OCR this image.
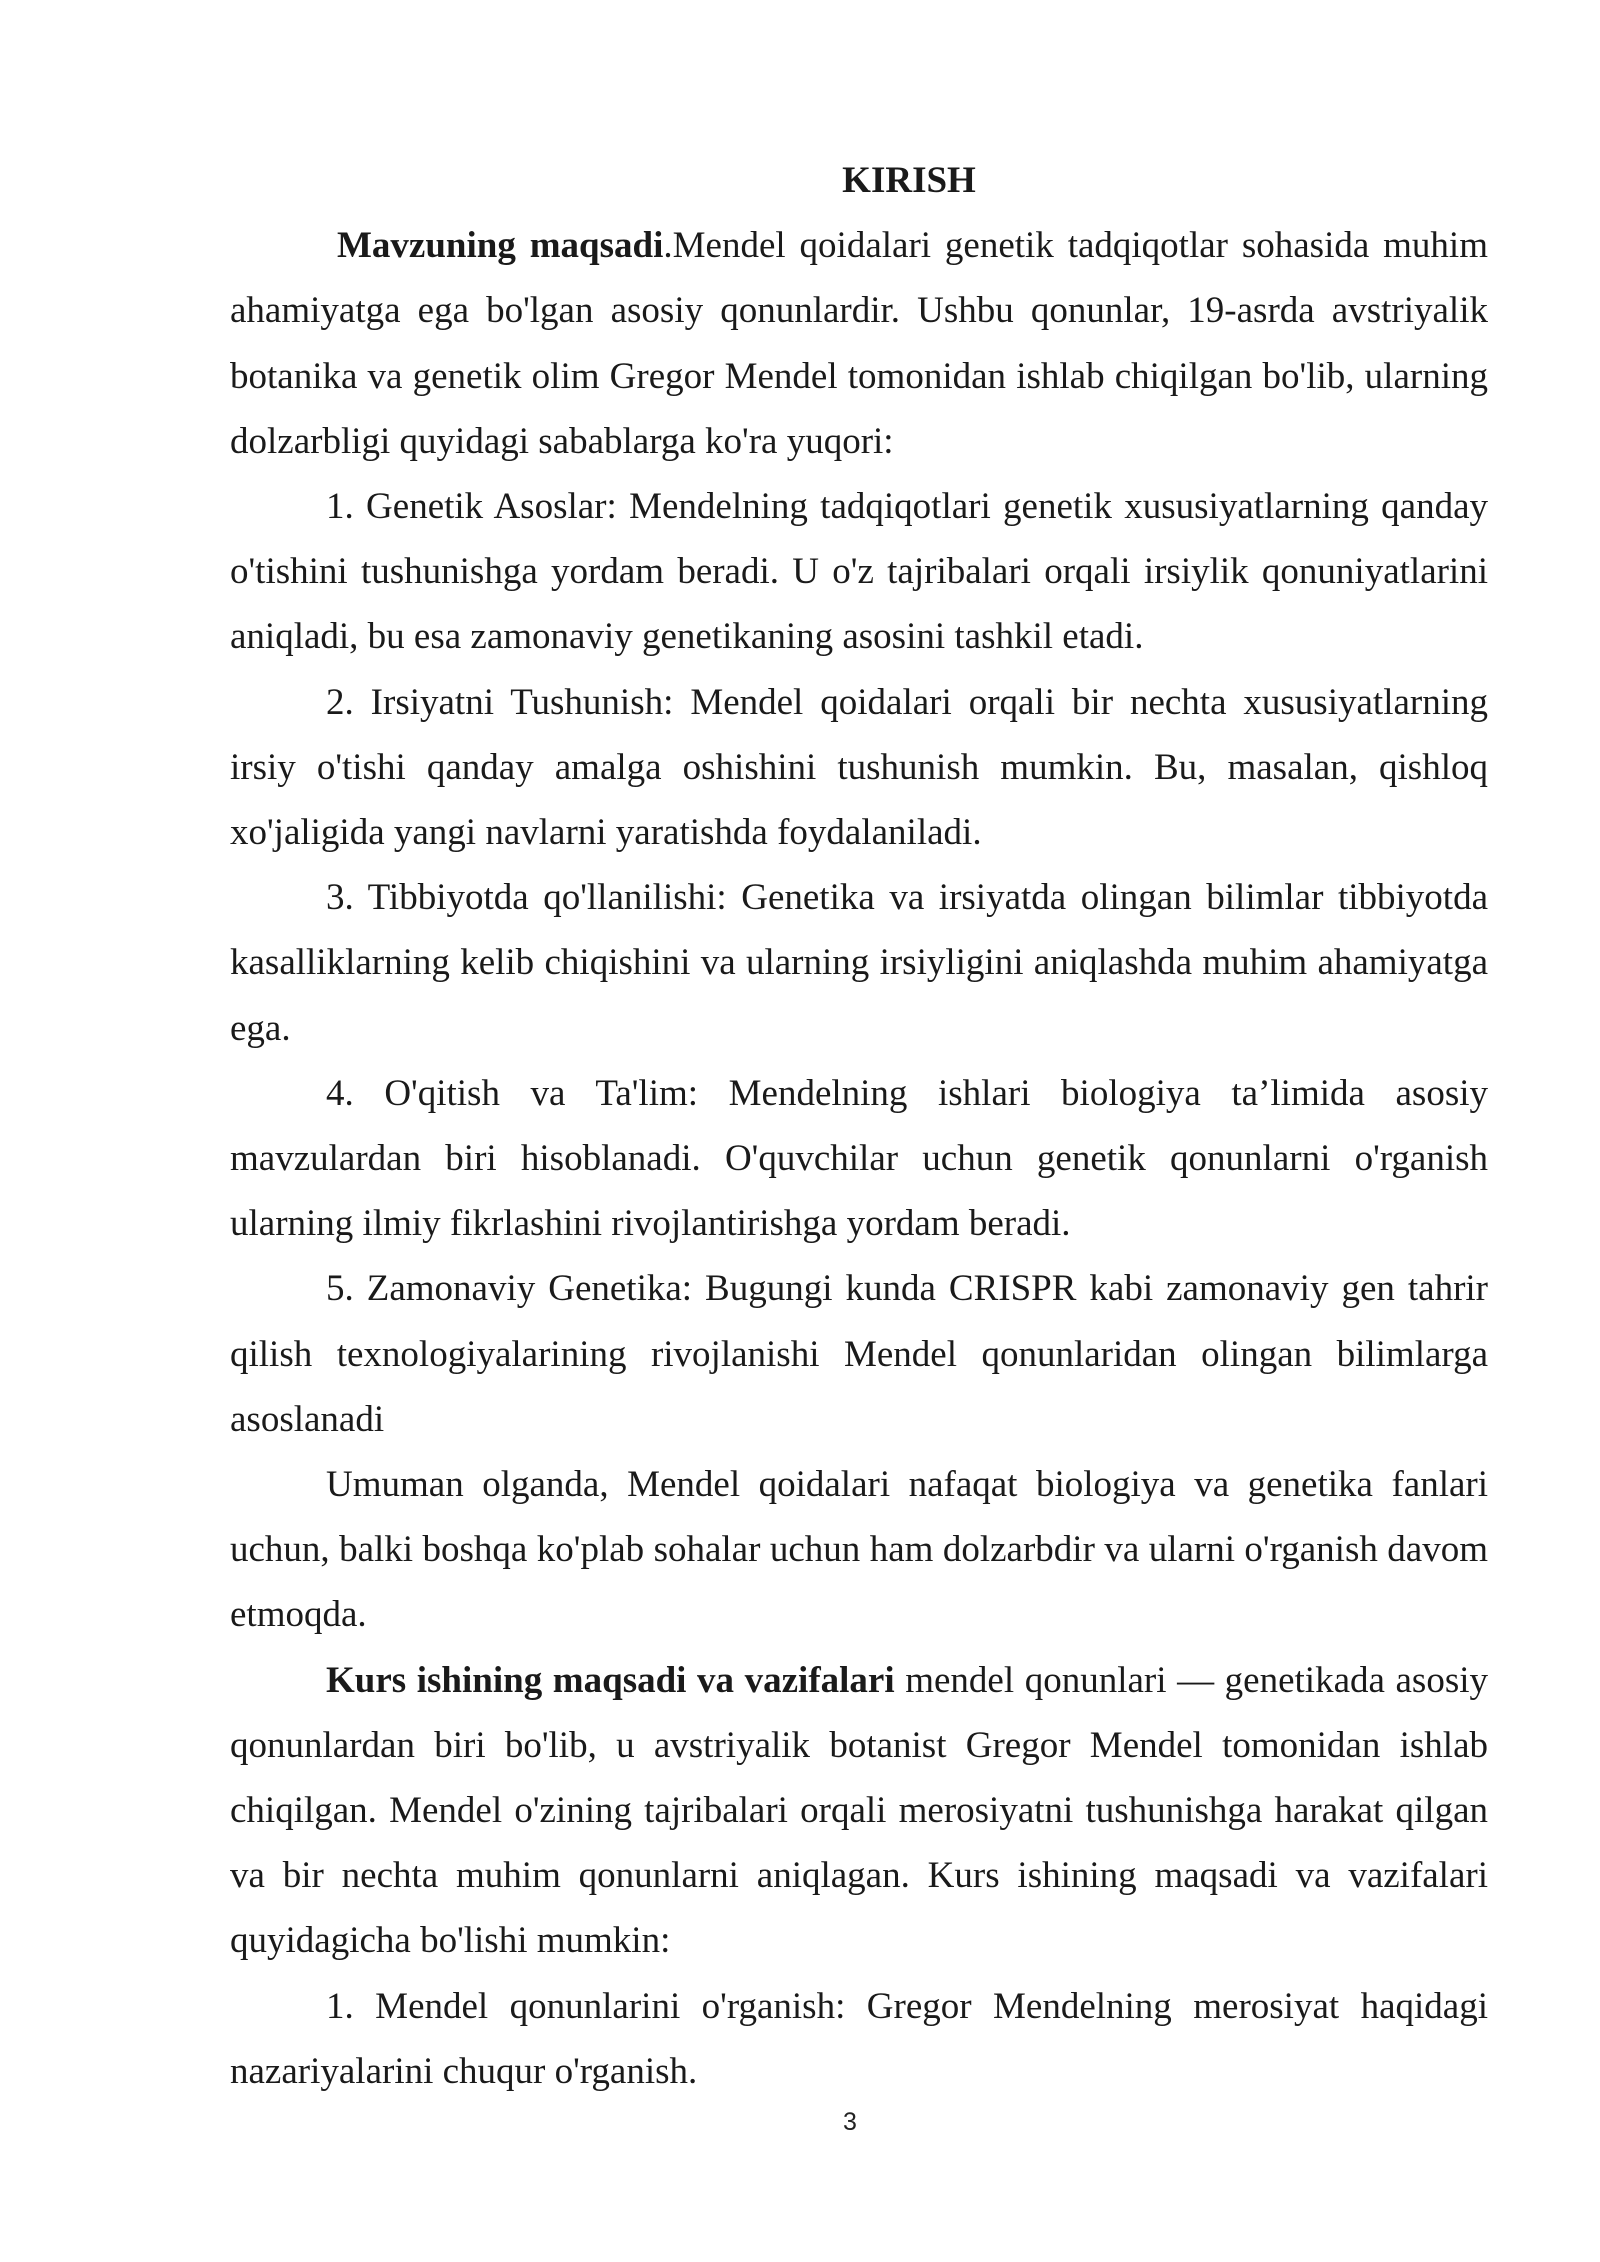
KIRISH

Mavzuning maqsadi.Mendel qoidalari genetik tadqiqotlar sohasida muhim ahamiyatga ega bo'lgan asosiy qonunlardir. Ushbu qonunlar, 19-asrda avstriyalik botanika va genetik olim Gregor Mendel tomonidan ishlab chiqilgan bo'lib, ularning dolzarbligi quyidagi sabablarga ko'ra yuqori:

1. Genetik Asoslar: Mendelning tadqiqotlari genetik xususiyatlarning qanday o'tishini tushunishga yordam beradi. U o'z tajribalari orqali irsiylik qonuniyatlarini aniqladi, bu esa zamonaviy genetikaning asosini tashkil etadi.

2. Irsiyatni Tushunish: Mendel qoidalari orqali bir nechta xususiyatlarning irsiy o'tishi qanday amalga oshishini tushunish mumkin. Bu, masalan, qishloq xo'jaligida yangi navlarni yaratishda foydalaniladi.

3. Tibbiyotda qo'llanilishi: Genetika va irsiyatda olingan bilimlar tibbiyotda kasalliklarning kelib chiqishini va ularning irsiyligini aniqlashda muhim ahamiyatga ega.

4. O'qitish va Ta'lim: Mendelning ishlari biologiya ta’limida asosiy mavzulardan biri hisoblanadi. O'quvchilar uchun genetik qonunlarni o'rganish ularning ilmiy fikrlashini rivojlantirishga yordam beradi.

5. Zamonaviy Genetika: Bugungi kunda CRISPR kabi zamonaviy gen tahrir qilish texnologiyalarining rivojlanishi Mendel qonunlaridan olingan bilimlarga asoslanadi

Umuman olganda, Mendel qoidalari nafaqat biologiya va genetika fanlari uchun, balki boshqa ko'plab sohalar uchun ham dolzarbdir va ularni o'rganish davom etmoqda.

Kurs ishining maqsadi va vazifalari mendel qonunlari — genetikada asosiy qonunlardan biri bo'lib, u avstriyalik botanist Gregor Mendel tomonidan ishlab chiqilgan. Mendel o'zining tajribalari orqali merosiyatni tushunishga harakat qilgan va bir nechta muhim qonunlarni aniqlagan. Kurs ishining maqsadi va vazifalari quyidagicha bo'lishi mumkin:

1. Mendel qonunlarini o'rganish: Gregor Mendelning merosiyat haqidagi nazariyalarini chuqur o'rganish.

3
